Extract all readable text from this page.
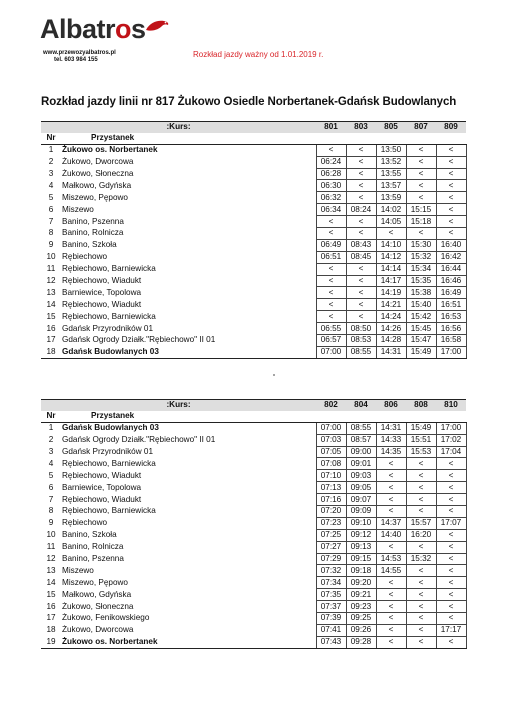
Albatros
www.przewozyalbatros.pl
tel. 603 984 155
Rozkład jazdy ważny od 1.01.2019 r.
Rozkład jazdy linii nr 817 Żukowo Osiedle Norbertanek-Gdańsk Budowlanych
:Kurs:		801	803	805	807	809
Nr	Przystanek					
1	Żukowo os. Norbertanek	<	<	13:50	<	<
2	Żukowo, Dworcowa	06:24	<	13:52	<	<
3	Żukowo, Słoneczna	06:28	<	13:55	<	<
4	Małkowo, Gdyńska	06:30	<	13:57	<	<
5	Miszewo, Pępowo	06:32	<	13:59	<	<
6	Miszewo	06:34	08:24	14:02	15:15	<
7	Banino, Pszenna	<	<	14:05	15:18	<
8	Banino, Rolnicza	<	<	<	<	<
9	Banino, Szkoła	06:49	08:43	14:10	15:30	16:40
10	Rębiechowo	06:51	08:45	14:12	15:32	16:42
11	Rębiechowo, Barniewicka	<	<	14:14	15:34	16:44
12	Rębiechowo, Wiadukt	<	<	14:17	15:35	16:46
13	Barniewice, Topolowa	<	<	14:19	15:38	16:49
14	Rębiechowo, Wiadukt	<	<	14:21	15:40	16:51
15	Rębiechowo, Barniewicka	<	<	14:24	15:42	16:53
16	Gdańsk Przyrodników 01	06:55	08:50	14:26	15:45	16:56
17	Gdańsk Ogrody Działk."Rębiechowo" II 01	06:57	08:53	14:28	15:47	16:58
18	Gdańsk Budowlanych 03	07:00	08:55	14:31	15:49	17:00
:Kurs:		802	804	806	808	810
Nr	Przystanek					
1	Gdańsk Budowlanych 03	07:00	08:55	14:31	15:49	17:00
2	Gdańsk Ogrody Działk."Rębiechowo" II 01	07:03	08:57	14:33	15:51	17:02
3	Gdańsk Przyrodników 01	07:05	09:00	14:35	15:53	17:04
4	Rębiechowo, Barniewicka	07:08	09:01	<	<	<
5	Rębiechowo, Wiadukt	07:10	09:03	<	<	<
6	Barniewice, Topolowa	07:13	09:05	<	<	<
7	Rębiechowo, Wiadukt	07:16	09:07	<	<	<
8	Rębiechowo, Barniewicka	07:20	09:09	<	<	<
9	Rębiechowo	07:23	09:10	14:37	15:57	17:07
10	Banino, Szkoła	07:25	09:12	14:40	16:20	<
11	Banino, Rolnicza	07:27	09:13	<	<	<
12	Banino, Pszenna	07:29	09:15	14:53	15:32	<
13	Miszewo	07:32	09:18	14:55	<	<
14	Miszewo, Pępowo	07:34	09:20	<	<	<
15	Małkowo, Gdyńska	07:35	09:21	<	<	<
16	Żukowo, Słoneczna	07:37	09:23	<	<	<
17	Żukowo, Fenikowskiego	07:39	09:25	<	<	<
18	Żukowo, Dworcowa	07:41	09:26	<	<	17:17
19	Żukowo os. Norbertanek	07:43	09:28	<	<	<
